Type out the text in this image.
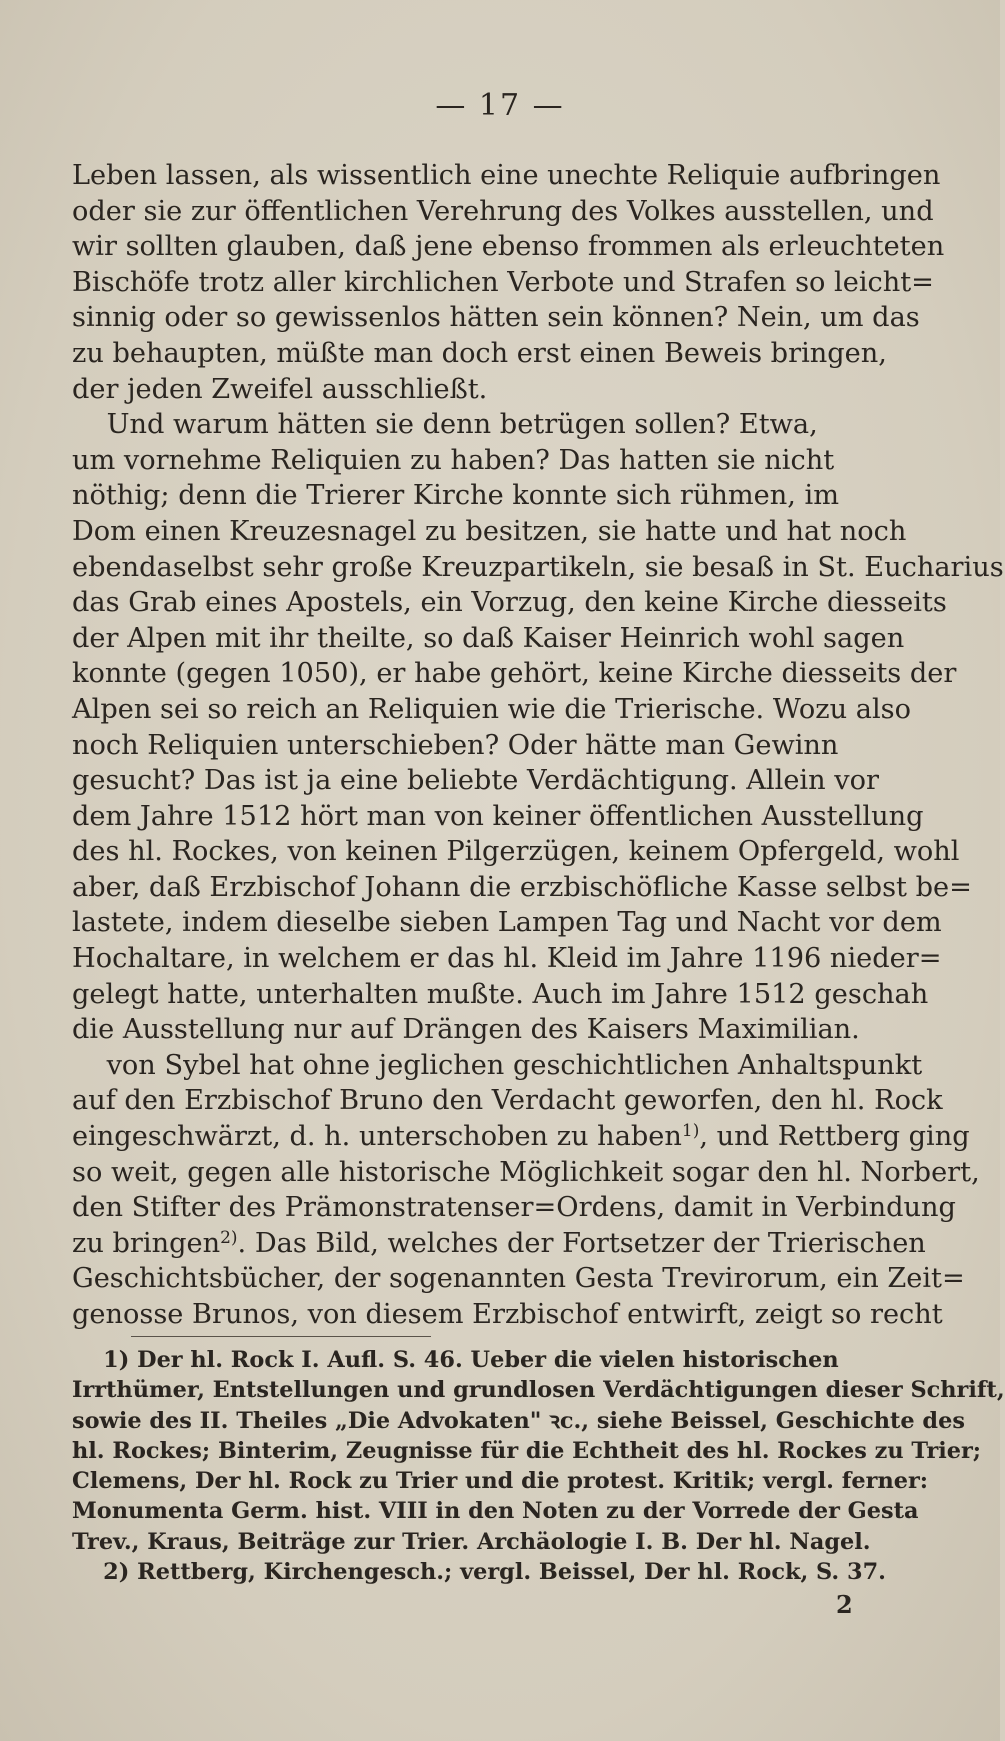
— 17 —
Leben lassen, als wissentlich eine unechte Reliquie aufbringen
oder sie zur öffentlichen Verehrung des Volkes ausstellen, und
wir sollten glauben, daß jene ebenso frommen als erleuchteten
Bischöfe trotz aller kirchlichen Verbote und Strafen so leicht=
sinnig oder so gewissenlos hätten sein können? Nein, um das
zu behaupten, müßte man doch erst einen Beweis bringen,
der jeden Zweifel ausschließt.
Und warum hätten sie denn betrügen sollen? Etwa,
um vornehme Reliquien zu haben? Das hatten sie nicht
nöthig; denn die Trierer Kirche konnte sich rühmen, im
Dom einen Kreuzesnagel zu besitzen, sie hatte und hat noch
ebendaselbst sehr große Kreuzpartikeln, sie besaß in St. Eucharius
das Grab eines Apostels, ein Vorzug, den keine Kirche diesseits
der Alpen mit ihr theilte, so daß Kaiser Heinrich wohl sagen
konnte (gegen 1050), er habe gehört, keine Kirche diesseits der
Alpen sei so reich an Reliquien wie die Trierische. Wozu also
noch Reliquien unterschieben? Oder hätte man Gewinn
gesucht? Das ist ja eine beliebte Verdächtigung. Allein vor
dem Jahre 1512 hört man von keiner öffentlichen Ausstellung
des hl. Rockes, von keinen Pilgerzügen, keinem Opfergeld, wohl
aber, daß Erzbischof Johann die erzbischöfliche Kasse selbst be=
lastete, indem dieselbe sieben Lampen Tag und Nacht vor dem
Hochaltare, in welchem er das hl. Kleid im Jahre 1196 nieder=
gelegt hatte, unterhalten mußte. Auch im Jahre 1512 geschah
die Ausstellung nur auf Drängen des Kaisers Maximilian.
von Sybel hat ohne jeglichen geschichtlichen Anhaltspunkt
auf den Erzbischof Bruno den Verdacht geworfen, den hl. Rock
eingeschwärzt, d. h. unterschoben zu haben$^{1)}$, und Rettberg ging
so weit, gegen alle historische Möglichkeit sogar den hl. Norbert,
den Stifter des Prämonstratenser=Ordens, damit in Verbindung
zu bringen$^{2)}$. Das Bild, welches der Fortsetzer der Trierischen
Geschichtsbücher, der sogenannten Gesta Trevirorum, ein Zeit=
genosse Brunos, von diesem Erzbischof entwirft, zeigt so recht
1) Der hl. Rock I. Aufl. S. 46. Ueber die vielen historischen
Irrthümer, Entstellungen und grundlosen Verdächtigungen dieser Schrift,
sowie des II. Theiles „Die Advokaten" ꝛc., siehe Beissel, Geschichte des
hl. Rockes; Binterim, Zeugnisse für die Echtheit des hl. Rockes zu Trier;
Clemens, Der hl. Rock zu Trier und die protest. Kritik; vergl. ferner:
Monumenta Germ. hist. VIII in den Noten zu der Vorrede der Gesta
Trev., Kraus, Beiträge zur Trier. Archäologie I. B. Der hl. Nagel.
2) Rettberg, Kirchengesch.; vergl. Beissel, Der hl. Rock, S. 37.
2
